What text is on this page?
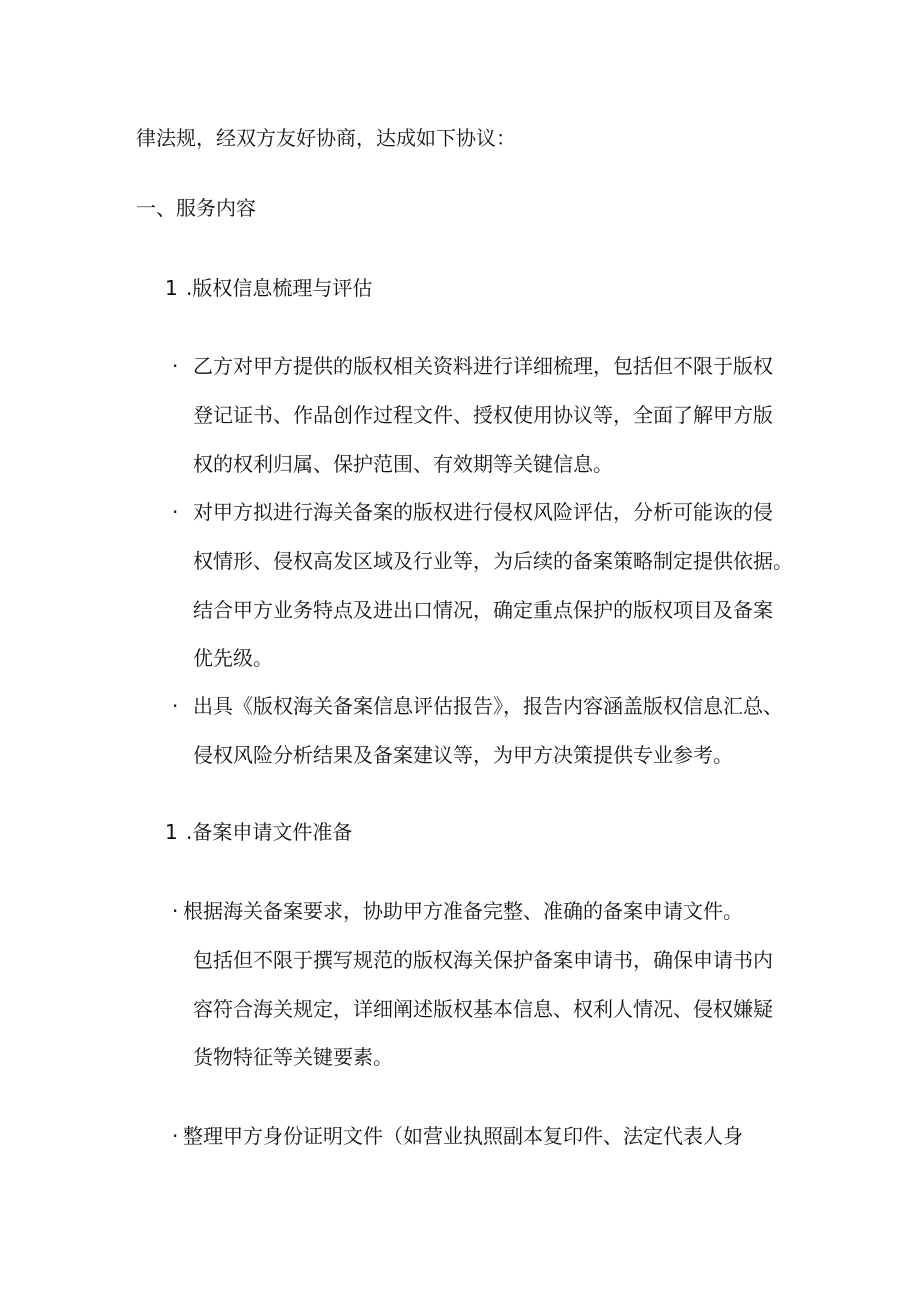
律法规，经双方友好协商，达成如下协议：
一、服务内容
1 .版权信息梳理与评估
· 乙方对甲方提供的版权相关资料进行详细梳理，包括但不限于版权
登记证书、作品创作过程文件、授权使用协议等，全面了解甲方版
权的权利归属、保护范围、有效期等关键信息。
· 对甲方拟进行海关备案的版权进行侵权风险评估，分析可能诙的侵
权情形、侵权高发区域及行业等，为后续的备案策略制定提供依据。
结合甲方业务特点及进出口情况，确定重点保护的版权项目及备案
优先级。
· 出具《版权海关备案信息评估报告》，报告内容涵盖版权信息汇总、
侵权风险分析结果及备案建议等，为甲方决策提供专业参考。
1 .备案申请文件准备
· 根据海关备案要求，协助甲方准备完整、准确的备案申请文件。
包括但不限于撰写规范的版权海关保护备案申请书，确保申请书内
容符合海关规定，详细阐述版权基本信息、权利人情况、侵权嫌疑
货物特征等关键要素。
· 整理甲方身份证明文件（如营业执照副本复印件、法定代表人身
